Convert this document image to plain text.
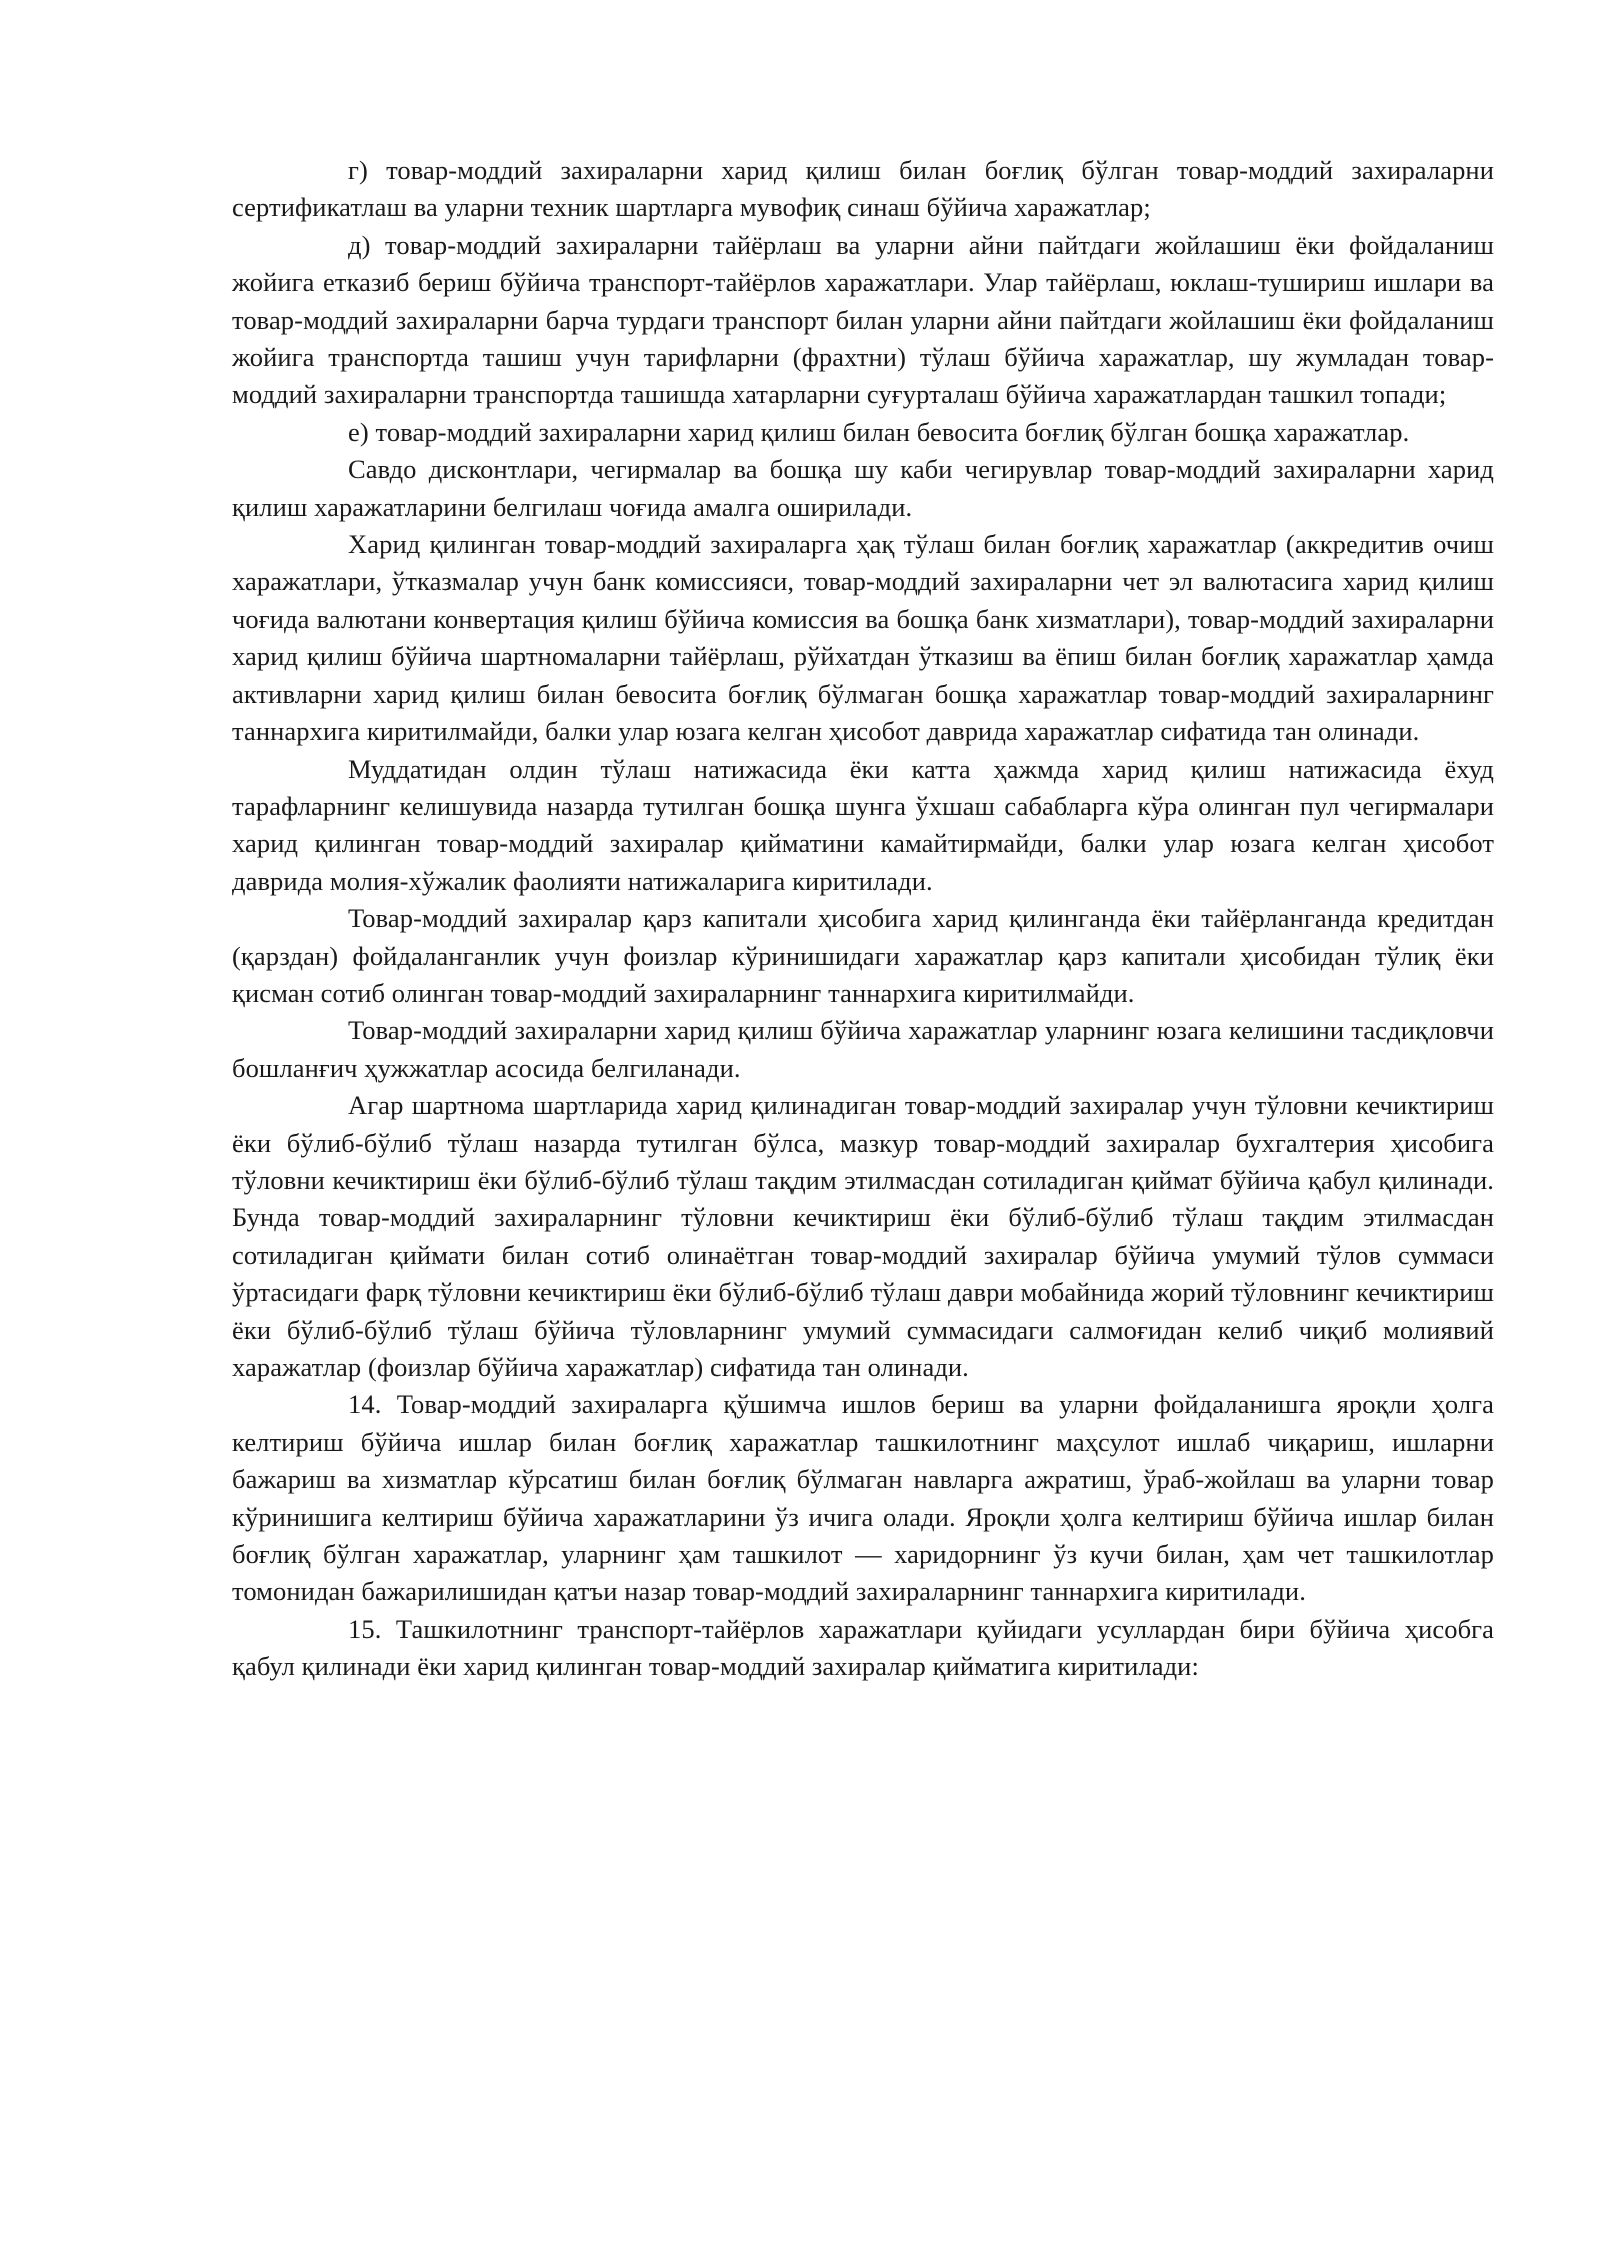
г) товар-моддий захираларни харид қилиш билан боғлиқ бўлган товар-моддий захираларни сертификатлаш ва уларни техник шартларга мувофиқ синаш бўйича харажатлар;

д) товар-моддий захираларни тайёрлаш ва уларни айни пайтдаги жойлашиш ёки фойдаланиш жойига етказиб бериш бўйича транспорт-тайёрлов харажатлари. Улар тайёрлаш, юклаш-тушириш ишлари ва товар-моддий захираларни барча турдаги транспорт билан уларни айни пайтдаги жойлашиш ёки фойдаланиш жойига транспортда ташиш учун тарифларни (фрахтни) тўлаш бўйича харажатлар, шу жумладан товар-моддий захираларни транспортда ташишда хатарларни суғурталаш бўйича харажатлардан ташкил топади;

е) товар-моддий захираларни харид қилиш билан бевосита боғлиқ бўлган бошқа харажатлар.

Савдо дисконтлари, чегирмалар ва бошқа шу каби чегирувлар товар-моддий захираларни харид қилиш харажатларини белгилаш чоғида амалга оширилади.

Харид қилинган товар-моддий захираларга ҳақ тўлаш билан боғлиқ харажатлар (аккредитив очиш харажатлари, ўтказмалар учун банк комиссияси, товар-моддий захираларни чет эл валютасига харид қилиш чоғида валютани конвертация қилиш бўйича комиссия ва бошқа банк хизматлари), товар-моддий захираларни харид қилиш бўйича шартномаларни тайёрлаш, рўйхатдан ўтказиш ва ёпиш билан боғлиқ харажатлар ҳамда активларни харид қилиш билан бевосита боғлиқ бўлмаган бошқа харажатлар товар-моддий захираларнинг таннархига киритилмайди, балки улар юзага келган ҳисобот даврида харажатлар сифатида тан олинади.

Муддатидан олдин тўлаш натижасида ёки катта ҳажмда харид қилиш натижасида ёхуд тарафларнинг келишувида назарда тутилган бошқа шунга ўхшаш сабабларга кўра олинган пул чегирмалари харид қилинган товар-моддий захиралар қийматини камайтирмайди, балки улар юзага келган ҳисобот даврида молия-хўжалик фаолияти натижаларига киритилади.

Товар-моддий захиралар қарз капитали ҳисобига харид қилинганда ёки тайёрланганда кредитдан (қарздан) фойдаланганлик учун фоизлар кўринишидаги харажатлар қарз капитали ҳисобидан тўлиқ ёки қисман сотиб олинган товар-моддий захираларнинг таннархига киритилмайди.

Товар-моддий захираларни харид қилиш бўйича харажатлар уларнинг юзага келишини тасдиқловчи бошланғич ҳужжатлар асосида белгиланади.

Агар шартнома шартларида харид қилинадиган товар-моддий захиралар учун тўловни кечиктириш ёки бўлиб-бўлиб тўлаш назарда тутилган бўлса, мазкур товар-моддий захиралар бухгалтерия ҳисобига тўловни кечиктириш ёки бўлиб-бўлиб тўлаш тақдим этилмасдан сотиладиган қиймат бўйича қабул қилинади. Бунда товар-моддий захираларнинг тўловни кечиктириш ёки бўлиб-бўлиб тўлаш тақдим этилмасдан сотиладиган қиймати билан сотиб олинаётган товар-моддий захиралар бўйича умумий тўлов суммаси ўртасидаги фарқ тўловни кечиктириш ёки бўлиб-бўлиб тўлаш даври мобайнида жорий тўловнинг кечиктириш ёки бўлиб-бўлиб тўлаш бўйича тўловларнинг умумий суммасидаги салмоғидан келиб чиқиб молиявий харажатлар (фоизлар бўйича харажатлар) сифатида тан олинади.

14. Товар-моддий захираларга қўшимча ишлов бериш ва уларни фойдаланишга яроқли ҳолга келтириш бўйича ишлар билан боғлиқ харажатлар ташкилотнинг маҳсулот ишлаб чиқариш, ишларни бажариш ва хизматлар кўрсатиш билан боғлиқ бўлмаган навларга ажратиш, ўраб-жойлаш ва уларни товар кўринишига келтириш бўйича харажатларини ўз ичига олади. Яроқли ҳолга келтириш бўйича ишлар билан боғлиқ бўлган харажатлар, уларнинг ҳам ташкилот — харидорнинг ўз кучи билан, ҳам чет ташкилотлар томонидан бажарилишидан қатъи назар товар-моддий захираларнинг таннархига киритилади.

15. Ташкилотнинг транспорт-тайёрлов харажатлари қуйидаги усуллардан бири бўйича ҳисобга қабул қилинади ёки харид қилинган товар-моддий захиралар қийматига киритилади:
